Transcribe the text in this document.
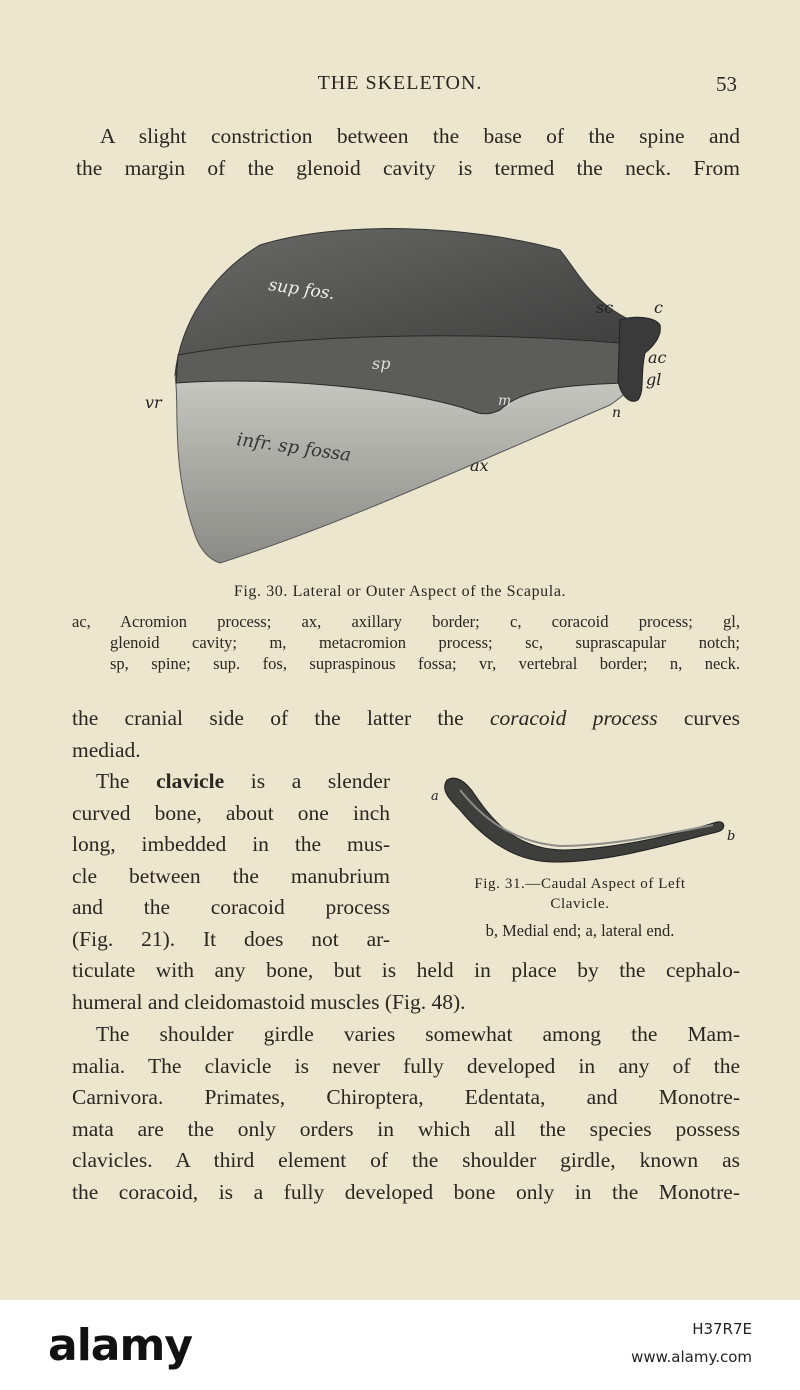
THE SKELETON.	53
A slight constriction between the base of the spine and
the margin of the glenoid cavity is termed the neck. From
sup fos.
sc	c
ac
gl
sp
m
n
vr
infr. sp fossa	ax
Fig. 30. Lateral or Outer Aspect of the Scapula.
ac, Acromion process; ax, axillary border; c, coracoid process; gl,
glenoid cavity; m, metacromion process; sc, suprascapular notch;
sp, spine; sup. fos, supraspinous fossa; vr, vertebral border; n, neck.
the cranial side of the latter the coracoid process curves
mediad.
The clavicle is a slender
curved bone, about one inch
long, imbedded in the mus-
cle between the manubrium
and the coracoid process
(Fig. 21). It does not ar-
ticulate with any bone, but is held in place by the cephalo-
humeral and cleidomastoid muscles (Fig. 48).
a
b
Fig. 31.—Caudal Aspect of Left
Clavicle.
b, Medial end; a, lateral end.
The shoulder girdle varies somewhat among the Mam-
malia. The clavicle is never fully developed in any of the
Carnivora. Primates, Chiroptera, Edentata, and Monotre-
mata are the only orders in which all the species possess
clavicles. A third element of the shoulder girdle, known as
the coracoid, is a fully developed bone only in the Monotre-
alamy	H37R7E
www.alamy.com
